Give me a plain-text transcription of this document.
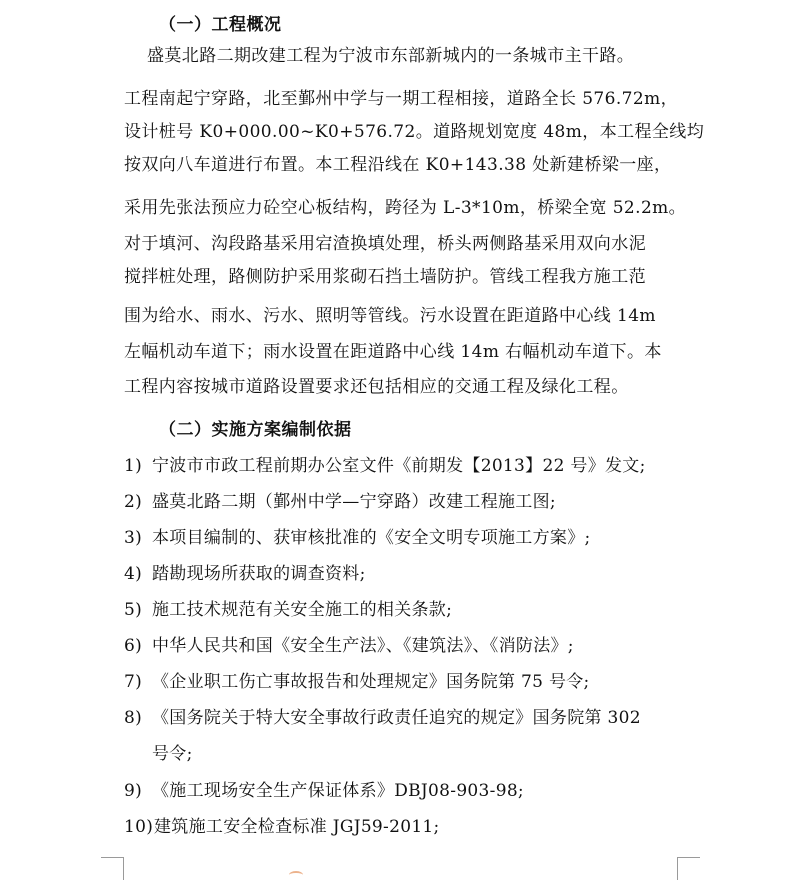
（一）工程概况
盛莫北路二期改建工程为宁波市东部新城内的一条城市主干路。
工程南起宁穿路，北至鄞州中学与一期工程相接，道路全长 576.72m，
设计桩号 K0+000.00~K0+576.72。道路规划宽度 48m，本工程全线均
按双向八车道进行布置。本工程沿线在 K0+143.38 处新建桥梁一座，
采用先张法预应力砼空心板结构，跨径为 L-3*10m，桥梁全宽 52.2m。
对于填河、沟段路基采用宕渣换填处理，桥头两侧路基采用双向水泥
搅拌桩处理，路侧防护采用浆砌石挡土墙防护。管线工程我方施工范
围为给水、雨水、污水、照明等管线。污水设置在距道路中心线 14m
左幅机动车道下；雨水设置在距道路中心线 14m 右幅机动车道下。本
工程内容按城市道路设置要求还包括相应的交通工程及绿化工程。
（二）实施方案编制依据
1) 宁波市市政工程前期办公室文件《前期发【2013】22 号》发文;
2) 盛莫北路二期（鄞州中学—宁穿路）改建工程施工图;
3) 本项目编制的、获审核批准的《安全文明专项施工方案》;
4) 踏勘现场所获取的调查资料;
5) 施工技术规范有关安全施工的相关条款;
6) 中华人民共和国《安全生产法》、《建筑法》、《消防法》;
7) 《企业职工伤亡事故报告和处理规定》国务院第 75 号令;
8) 《国务院关于特大安全事故行政责任追究的规定》国务院第 302
9) 《施工现场安全生产保证体系》DBJ08-903-98;
10)建筑施工安全检查标准 JGJ59-2011;
号令;
